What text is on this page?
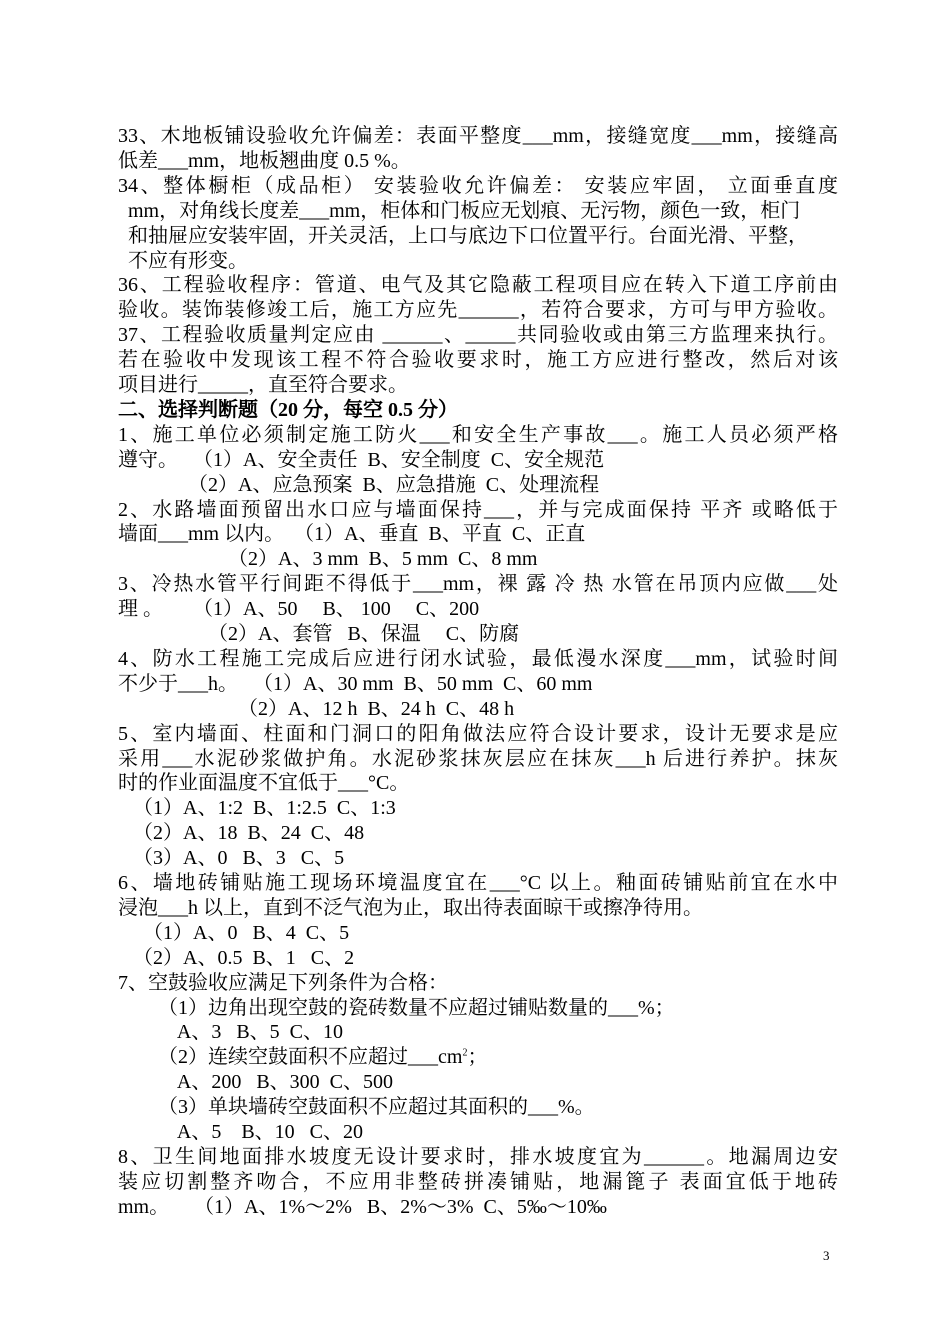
33、木地板铺设验收允许偏差：表面平整度___mm，接缝宽度___mm，接缝高
低差___mm，地板翘曲度 0.5 %。
34、整体橱柜（成品柜） 安装验收允许偏差： 安装应牢固， 立面垂直度
mm，对角线长度差___mm，柜体和门板应无划痕、无污物，颜色一致，柜门
和抽屉应安装牢固，开关灵活，上口与底边下口位置平行。台面光滑、平整，
不应有形变。
36、工程验收程序：管道、电气及其它隐蔽工程项目应在转入下道工序前由
验收。装饰装修竣工后，施工方应先______，若符合要求，方可与甲方验收。
37、工程验收质量判定应由 ______、_____共同验收或由第三方监理来执行。
若在验收中发现该工程不符合验收要求时，施工方应进行整改，然后对该
项目进行_____，直至符合要求。
二、选择判断题（20 分，每空 0.5 分）
1、施工单位必须制定施工防火___和安全生产事故___。施工人员必须严格
遵守。   （1）A、安全责任  B、安全制度  C、安全规范
（2）A、应急预案  B、应急措施  C、处理流程
2、水路墙面预留出水口应与墙面保持___，并与完成面保持 平齐 或略低于
墙面___mm 以内。  （1）A、垂直  B、平直  C、正直
（2）A、3 mm  B、5 mm  C、8 mm
3、冷热水管平行间距不得低于___mm，裸 露 冷 热 水管在吊顶内应做___处
理 。      （1）A、50     B、 100     C、200
（2）A、套管   B、保温     C、防腐
4、防水工程施工完成后应进行闭水试验，最低漫水深度___mm，试验时间
不少于___h。   （1）A、30 mm  B、50 mm  C、60 mm
（2）A、12 h  B、24 h  C、48 h
5、室内墙面、柱面和门洞口的阳角做法应符合设计要求，设计无要求是应
采用___水泥砂浆做护角。水泥砂浆抹灰层应在抹灰___h 后进行养护。抹灰
时的作业面温度不宜低于___°C。
（1）A、1:2  B、1:2.5  C、1:3
（2）A、18  B、24  C、48
（3）A、0   B、3   C、5
6、墙地砖铺贴施工现场环境温度宜在___°C 以上。釉面砖铺贴前宜在水中
浸泡___h 以上，直到不泛气泡为止，取出待表面晾干或擦净待用。
（1）A、0   B、4  C、5
（2）A、0.5  B、1   C、2
7、空鼓验收应满足下列条件为合格：
（1）边角出现空鼓的瓷砖数量不应超过铺贴数量的___%；
A、3   B、5  C、10
（2）连续空鼓面积不应超过$\_\_\_cm^2$；
A、200   B、300  C、500
（3）单块墙砖空鼓面积不应超过其面积的___%。
A、5    B、10   C、20
8、卫生间地面排水坡度无设计要求时，排水坡度宜为______。地漏周边安
装应切割整齐吻合，不应用非整砖拼凑铺贴，地漏篦子 表面宜低于地砖
mm。     （1）A、1%～2%   B、2%～3%  C、5‰～10‰
3
